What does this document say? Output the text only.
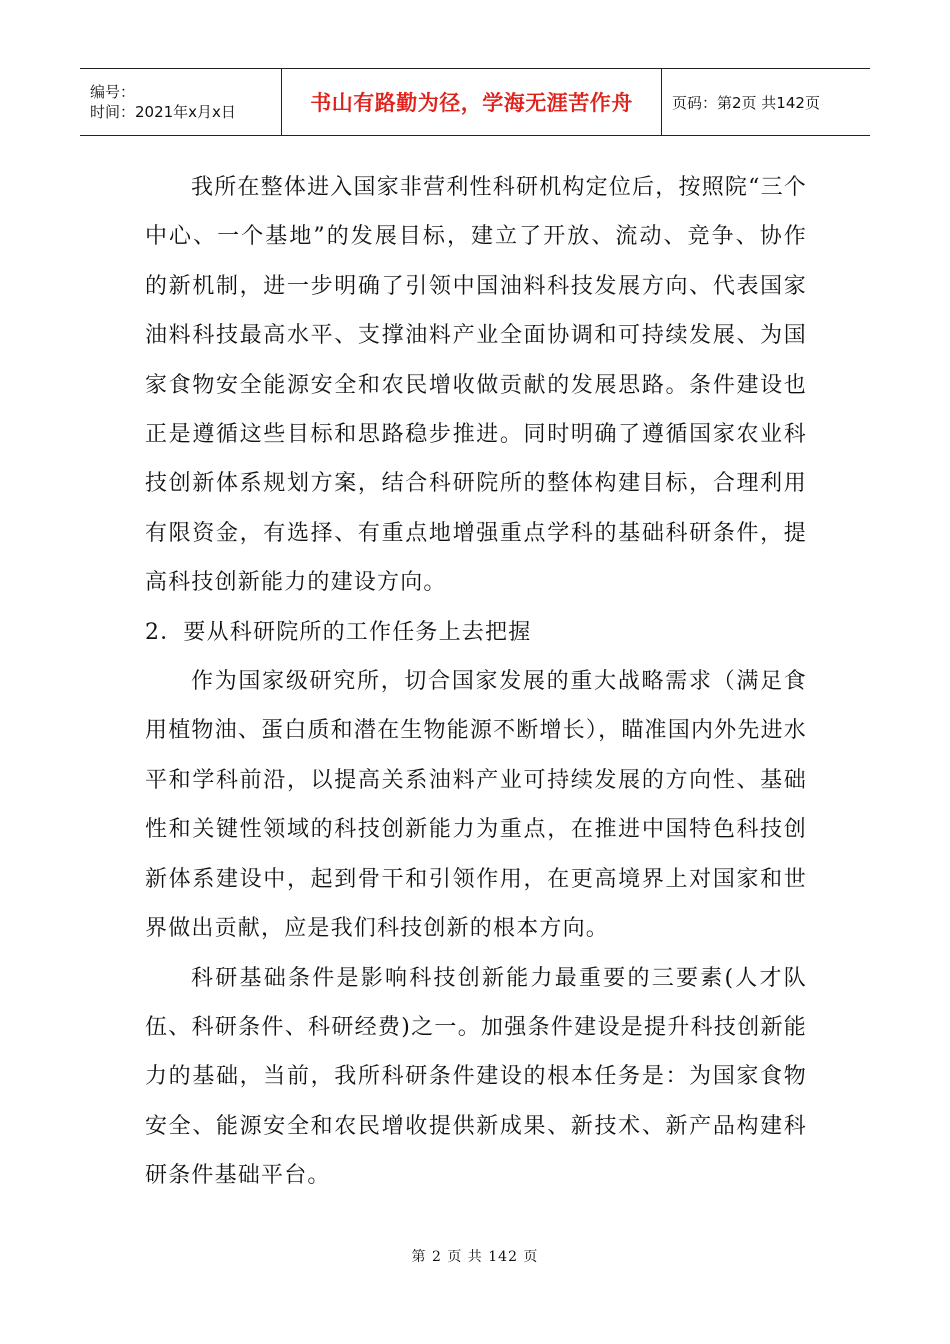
编号：
时间：2021年x月x日	书山有路勤为径，学海无涯苦作舟	页码：第2页 共142页

我所在整体进入国家非营利性科研机构定位后，按照院“三个中心、一个基地”的发展目标，建立了开放、流动、竞争、协作的新机制，进一步明确了引领中国油料科技发展方向、代表国家油料科技最高水平、支撑油料产业全面协调和可持续发展、为国家食物安全能源安全和农民增收做贡献的发展思路。条件建设也正是遵循这些目标和思路稳步推进。同时明确了遵循国家农业科技创新体系规划方案，结合科研院所的整体构建目标，合理利用有限资金，有选择、有重点地增强重点学科的基础科研条件，提高科技创新能力的建设方向。

2．要从科研院所的工作任务上去把握

作为国家级研究所，切合国家发展的重大战略需求（满足食用植物油、蛋白质和潜在生物能源不断增长），瞄准国内外先进水平和学科前沿，以提高关系油料产业可持续发展的方向性、基础性和关键性领域的科技创新能力为重点，在推进中国特色科技创新体系建设中，起到骨干和引领作用，在更高境界上对国家和世界做出贡献，应是我们科技创新的根本方向。

科研基础条件是影响科技创新能力最重要的三要素(人才队伍、科研条件、科研经费)之一。加强条件建设是提升科技创新能力的基础，当前，我所科研条件建设的根本任务是：为国家食物安全、能源安全和农民增收提供新成果、新技术、新产品构建科研条件基础平台。

第 2 页 共 142 页
